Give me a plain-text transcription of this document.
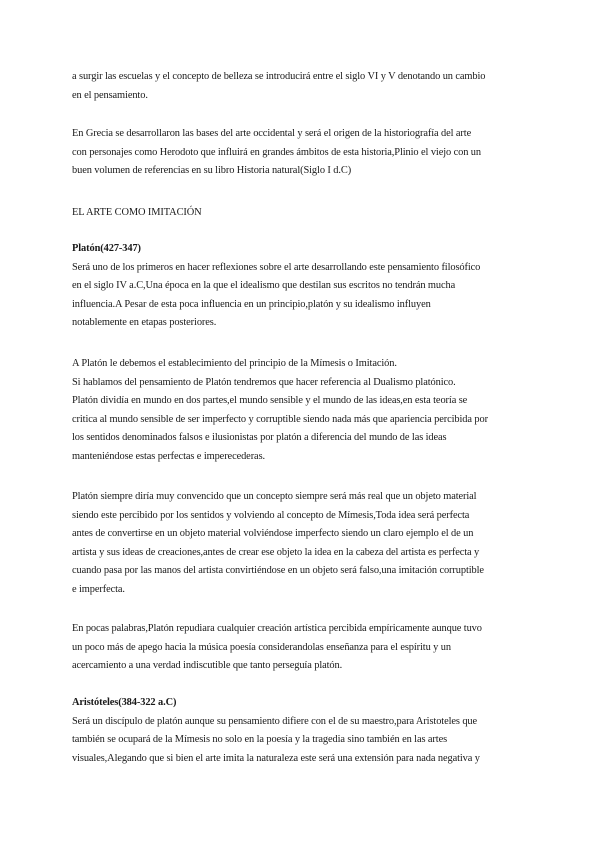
a surgir las escuelas y el concepto de belleza se introducirá entre el siglo VI y V denotando un cambio
en el pensamiento.
En Grecia se desarrollaron las bases del arte occidental y será el origen de la historiografía del arte
con personajes como Herodoto que influirá en grandes ámbitos de esta historia,Plinio el viejo con un
buen volumen de referencias en su libro Historia natural(Siglo I d.C)
EL ARTE COMO IMITACIÓN
Platón(427-347)
Será uno de los primeros en hacer reflexiones sobre el arte desarrollando este pensamiento filosófico
en el siglo IV a.C,Una época en la que el idealismo que destilan sus escritos no tendrán mucha
influencia.A Pesar de esta poca influencia en un principio,platón y su idealismo influyen
notablemente en etapas posteriores.
A Platón le debemos el establecimiento del principio de la Mímesis o Imitación.
Si hablamos del pensamiento de Platón tendremos que hacer referencia al Dualismo platónico.
Platón dividía en mundo en dos partes,el mundo sensible y el mundo de las ideas,en esta teoría se
critica al mundo sensible de ser imperfecto y corruptible siendo nada más que apariencia percibida por
los sentidos denominados falsos e ilusionistas por platón a diferencia del mundo de las ideas
manteniéndose estas perfectas e imperecederas.
Platón siempre diría muy convencido que un concepto siempre será más real que un objeto material
siendo este percibido por los sentidos y volviendo al concepto de Mímesis,Toda idea será perfecta
antes de convertirse en un objeto material volviéndose imperfecto siendo un claro ejemplo el de un
artista y sus ideas de creaciones,antes de crear ese objeto la idea en la cabeza del artista es perfecta y
cuando pasa por las manos del artista convirtiéndose en un objeto será falso,una imitación corruptible
e imperfecta.
En pocas palabras,Platón repudiara cualquier creación artística percibida empíricamente aunque tuvo
un poco más de apego hacia la música poesía considerandolas enseñanza para el espíritu y un
acercamiento a una verdad indiscutible que tanto perseguía platón.
Aristóteles(384-322 a.C)
Será un discípulo de platón aunque su pensamiento difiere con el de su maestro,para Aristoteles que
también se ocupará de la Mímesis no solo en la poesía y la tragedia sino también en las artes
visuales,Alegando que si bien el arte imita la naturaleza este será una extensión para nada negativa y
